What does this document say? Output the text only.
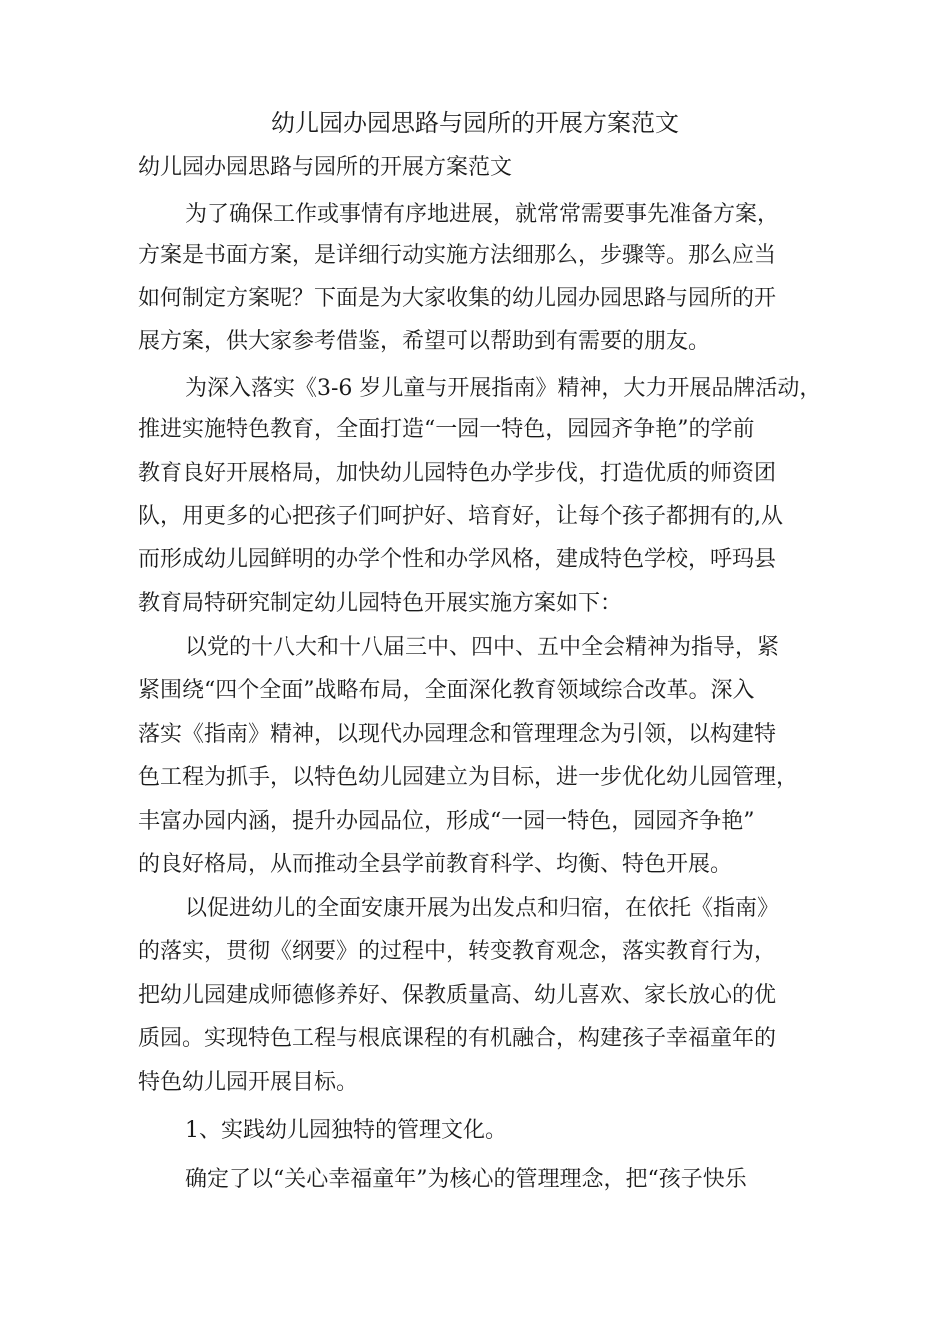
幼儿园办园思路与园所的开展方案范文
幼儿园办园思路与园所的开展方案范文
为了确保工作或事情有序地进展，就常常需要事先准备方案，
方案是书面方案，是详细行动实施方法细那么，步骤等。那么应当
如何制定方案呢？下面是为大家收集的幼儿园办园思路与园所的开
展方案，供大家参考借鉴，希望可以帮助到有需要的朋友。
为深入落实《3-6 岁儿童与开展指南》精神，大力开展品牌活动，
推进实施特色教育，全面打造“一园一特色，园园齐争艳”的学前
教育良好开展格局，加快幼儿园特色办学步伐，打造优质的师资团
队，用更多的心把孩子们呵护好、培育好，让每个孩子都拥有的,从
而形成幼儿园鲜明的办学个性和办学风格，建成特色学校，呼玛县
教育局特研究制定幼儿园特色开展实施方案如下：
以党的十八大和十八届三中、四中、五中全会精神为指导，紧
紧围绕“四个全面”战略布局，全面深化教育领域综合改革。深入
落实《指南》精神，以现代办园理念和管理理念为引领，以构建特
色工程为抓手，以特色幼儿园建立为目标，进一步优化幼儿园管理，
丰富办园内涵，提升办园品位，形成“一园一特色，园园齐争艳”
的良好格局，从而推动全县学前教育科学、均衡、特色开展。
以促进幼儿的全面安康开展为出发点和归宿，在依托《指南》
的落实，贯彻《纲要》的过程中，转变教育观念，落实教育行为，
把幼儿园建成师德修养好、保教质量高、幼儿喜欢、家长放心的优
质园。实现特色工程与根底课程的有机融合，构建孩子幸福童年的
特色幼儿园开展目标。
1、实践幼儿园独特的管理文化。
确定了以“关心幸福童年”为核心的管理理念，把“孩子快乐
